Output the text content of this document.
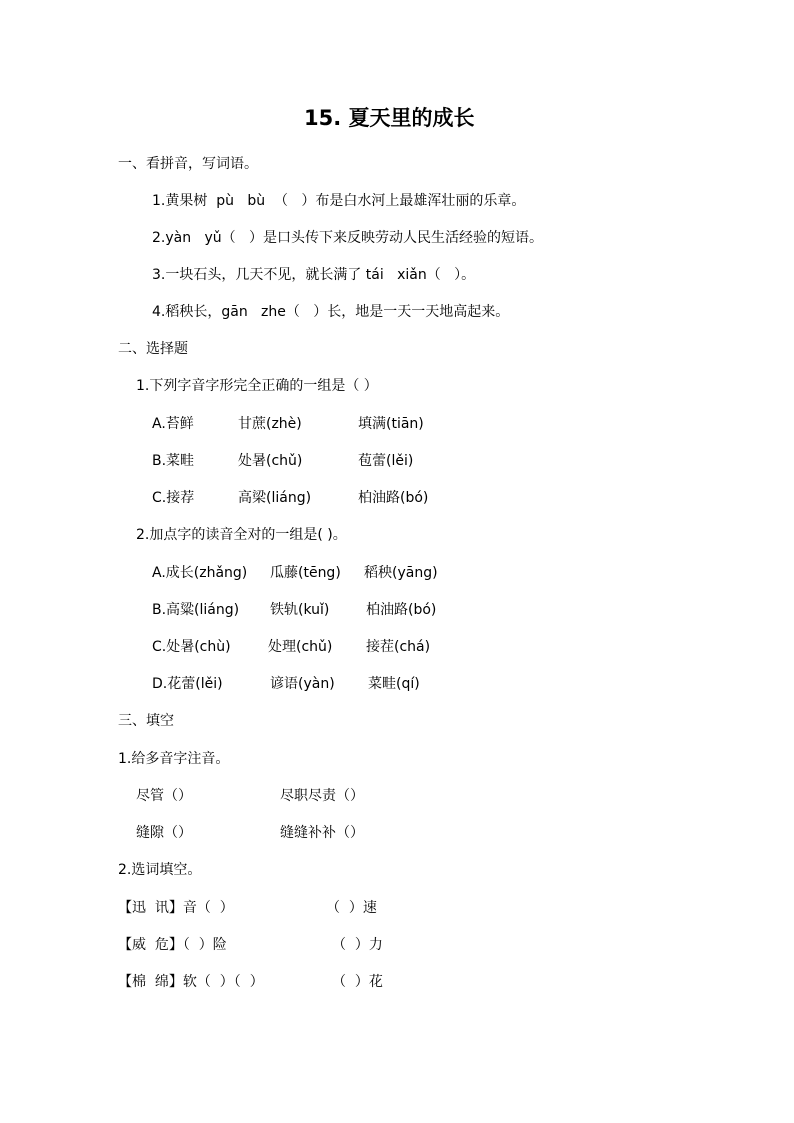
15. 夏天里的成长
一、看拼音，写词语。
1.黄果树  pù   bù  （   ）布是白水河上最雄浑壮丽的乐章。
2.yàn   yǔ（   ）是口头传下来反映劳动人民生活经验的短语。
3.一块石头，几天不见，就长满了 tái   xiǎn（   ）。
4.稻秧长，gān   zhe（   ）长，地是一天一天地高起来。
二、选择题
1.下列字音字形完全正确的一组是（ ）
A.苔鲜	甘蔗(zhè)	填满(tiān)
B.菜畦	处暑(chǔ)	苞蕾(lěi)
C.接荐	高梁(liáng)	柏油路(bó)
2.加点字的读音全对的一组是( )。
A.成长(zhǎng) 瓜藤(tēng) 稻秧(yāng)
B.高粱(liáng) 铁轨(kuǐ)	柏油路(bó)
C.处暑(chù)	处理(chǔ) 接茬(chá)
D.花蕾(lěi)	谚语(yàn) 菜畦(qí)
三、填空
1.给多音字注音。
尽管（）	尽职尽责（）
缝隙（）	缝缝补补（）
2.选词填空。
【迅  讯】音（  ）	（  ）速
【威  危】（  ）险	（  ）力
【棉  绵】软（  ）（  ）	（  ）花
